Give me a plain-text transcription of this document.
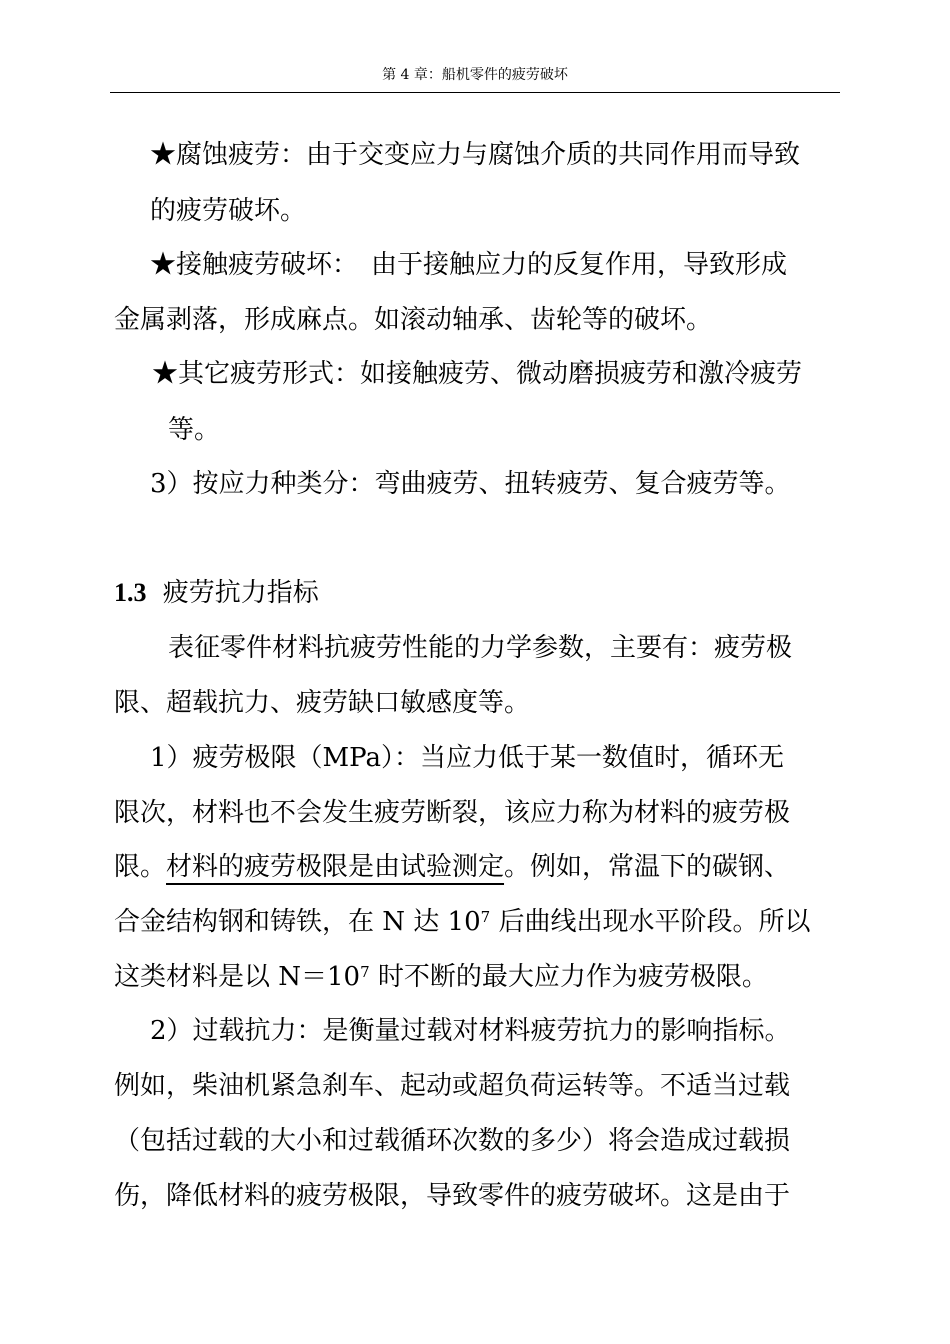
第 4 章：船机零件的疲劳破坏
★腐蚀疲劳：由于交变应力与腐蚀介质的共同作用而导致
的疲劳破坏。
★接触疲劳破坏：　由于接触应力的反复作用，导致形成
金属剥落，形成麻点。如滚动轴承、齿轮等的破坏。
★其它疲劳形式：如接触疲劳、微动磨损疲劳和激冷疲劳
等。
3）按应力种类分：弯曲疲劳、扭转疲劳、复合疲劳等。
1.3 疲劳抗力指标
表征零件材料抗疲劳性能的力学参数，主要有：疲劳极
限、超载抗力、疲劳缺口敏感度等。
1）疲劳极限（MPa）：当应力低于某一数值时，循环无
限次，材料也不会发生疲劳断裂，该应力称为材料的疲劳极
限。材料的疲劳极限是由试验测定。例如，常温下的碳钢、
合金结构钢和铸铁，在 N 达 $10^7$ 后曲线出现水平阶段。所以
这类材料是以 $N=10^7$ 时不断的最大应力作为疲劳极限。
2）过载抗力：是衡量过载对材料疲劳抗力的影响指标。
例如，柴油机紧急刹车、起动或超负荷运转等。不适当过载
（包括过载的大小和过载循环次数的多少）将会造成过载损
伤，降低材料的疲劳极限，导致零件的疲劳破坏。这是由于
